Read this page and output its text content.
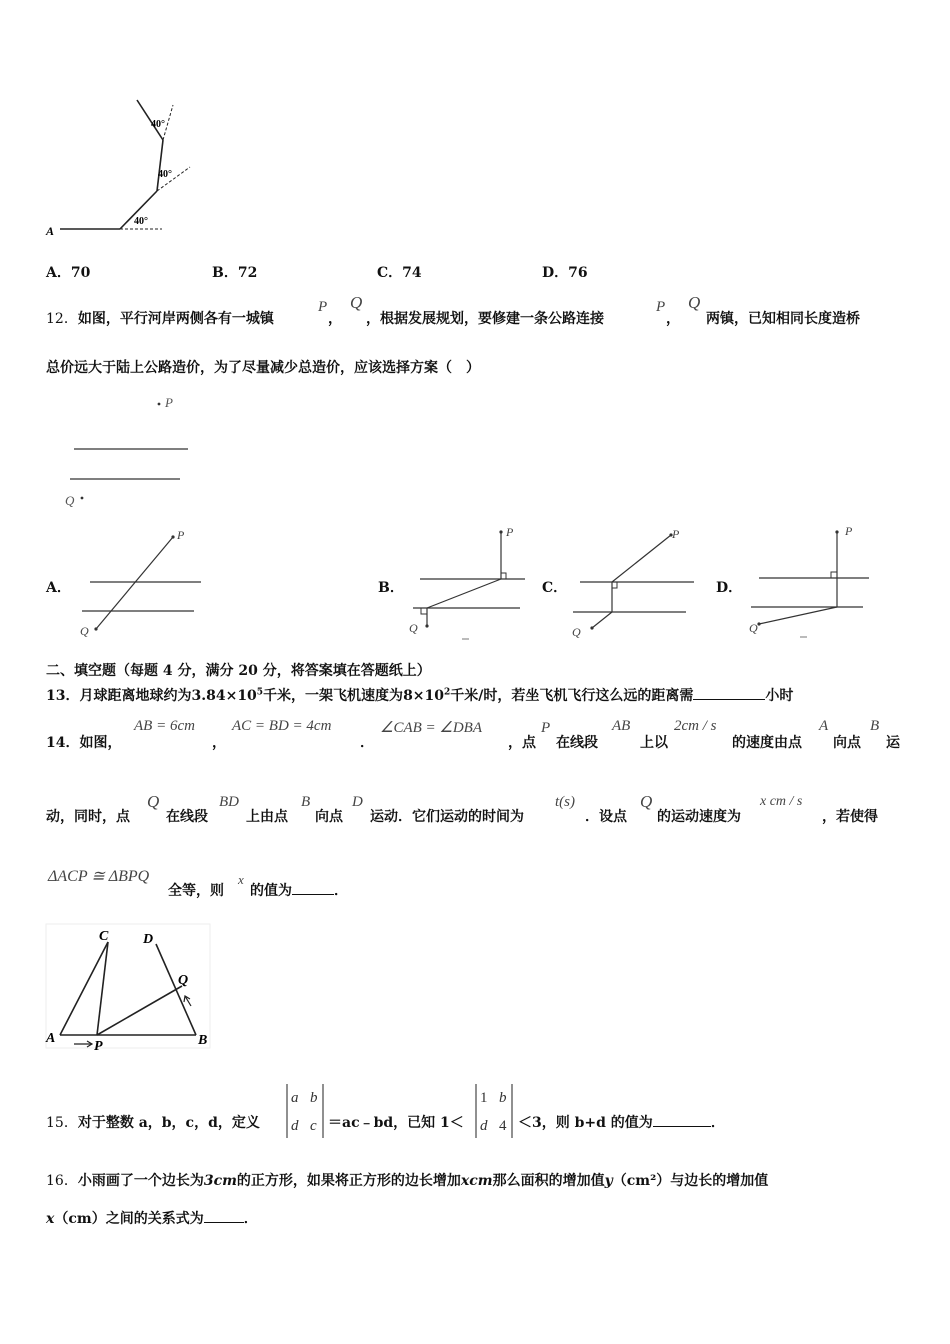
A
40°
40°
40°
A．70	B．72	C．74	D．76
12．如图，平行河岸两侧各有一城镇
P
，
Q
，根据发展规划，要修建一条公路连接
P
，
Q
两镇，已知相同长度造桥
总价远大于陆上公路造价，为了尽量减少总造价，应该选择方案（　）
P
Q
A．
P
Q
B．
P
Q
C．
P
Q
D．
P
Q
二、填空题（每题 4 分，满分 20 分，将答案填在答题纸上）
13．月球距离地球约为$3.84\times 10^5$千米，一架飞机速度为$8\times 10^2$千米/时，若坐飞机飞行这么远的距离需	小时
14．如图，
AB = 6cm
，
AC = BD = 4cm
．
∠CAB = ∠DBA
，点
P
在线段
AB
上以
2cm / s
的速度由点
A
向点
B
运
动，同时，点
Q
在线段
BD
上由点
B
向点
D
运动．它们运动的时间为
t(s)
．设点
Q
的运动速度为
x cm / s
，若使得
ΔACP ≅ ΔBPQ
全等，则
x
的值为	．
C D
Q
A
P	B
15．对于整数 a，b，c，d，定义
a b
d c ＝ac﹣bd，已知 1＜
1 b
d 4 ＜3，则 b+d 的值为	．
16．小雨画了一个边长为3cm的正方形，如果将正方形的边长增加xcm那么面积的增加值y（cm²）与边长的增加值
x（cm）之间的关系式为	．
